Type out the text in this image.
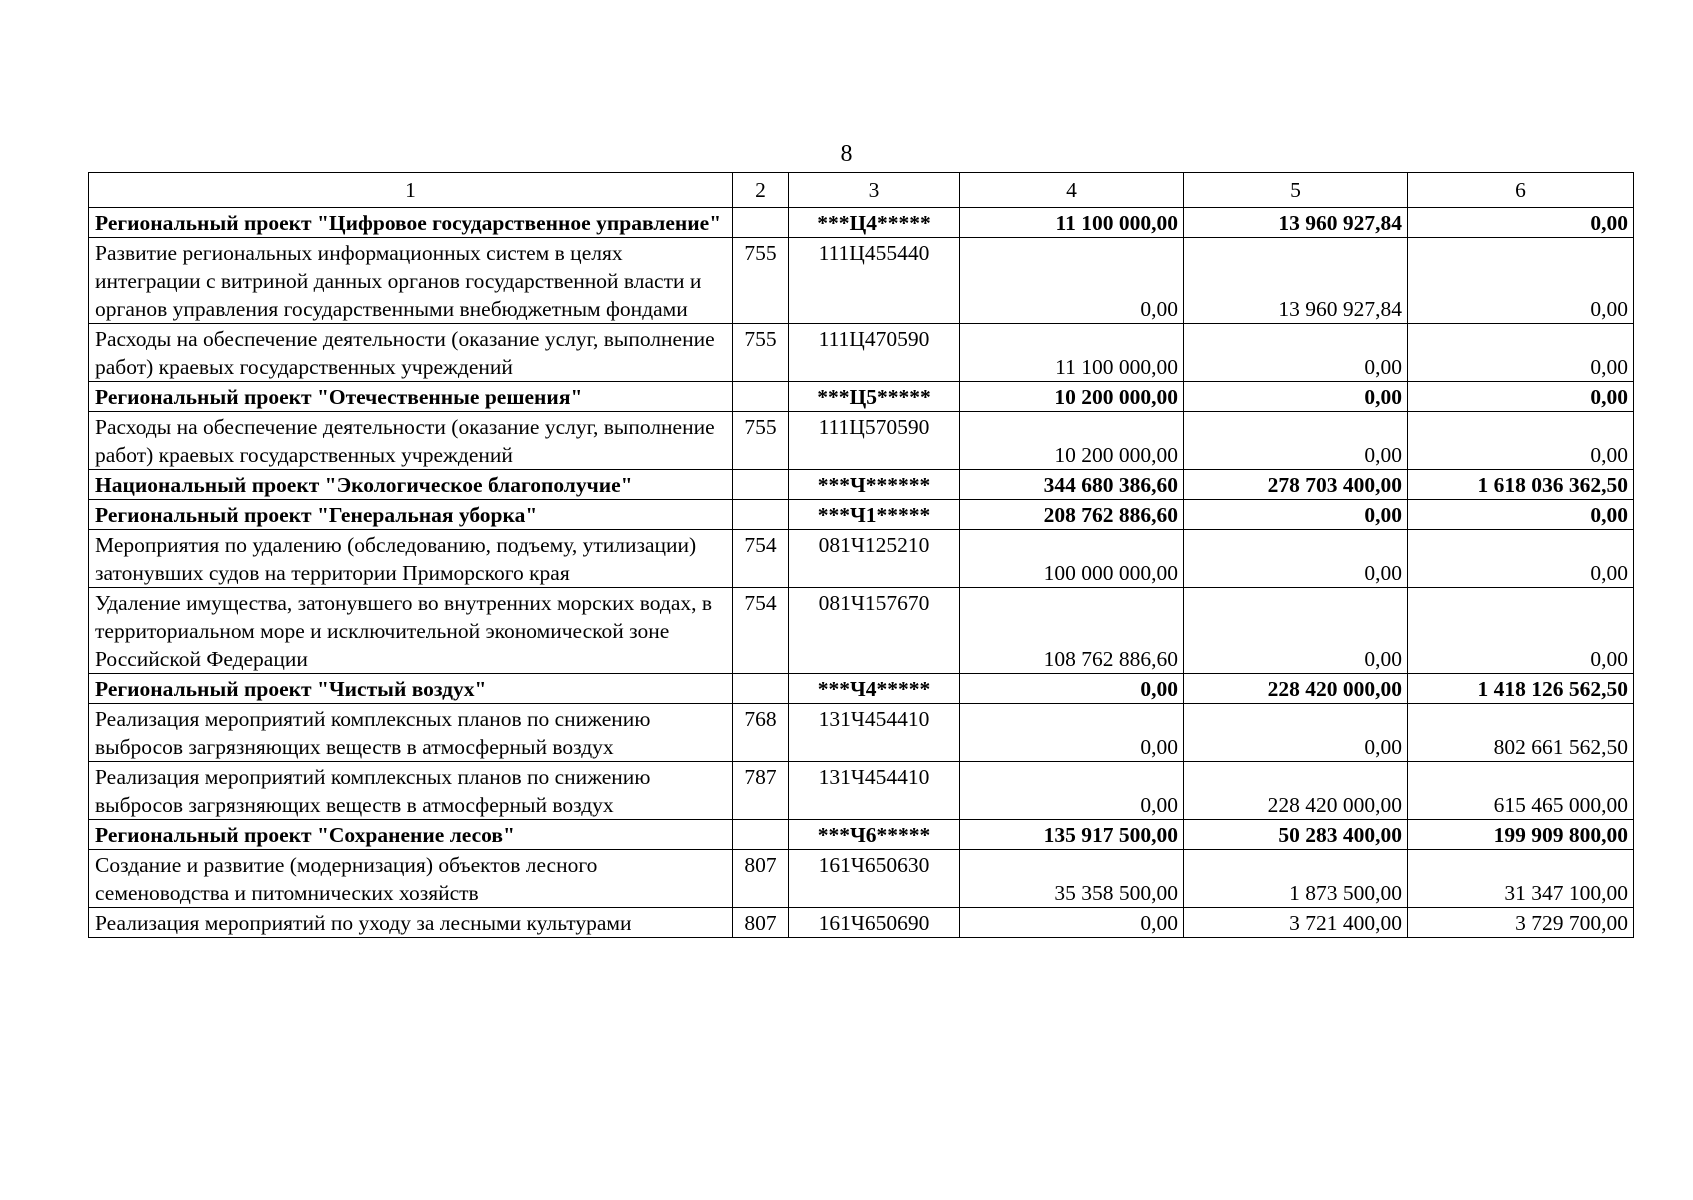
8
1	2	3	4	5	6
Региональный проект "Цифровое государственное управление"		***Ц4*****	11 100 000,00	13 960 927,84	0,00
Развитие региональных информационных систем в целях интеграции с витриной данных органов государственной власти и органов управления государственными внебюджетным фондами	755	111Ц455440	0,00	13 960 927,84	0,00
Расходы на обеспечение деятельности (оказание услуг, выполнение работ) краевых государственных учреждений	755	111Ц470590	11 100 000,00	0,00	0,00
Региональный проект "Отечественные решения"		***Ц5*****	10 200 000,00	0,00	0,00
Расходы на обеспечение деятельности (оказание услуг, выполнение работ) краевых государственных учреждений	755	111Ц570590	10 200 000,00	0,00	0,00
Национальный проект "Экологическое благополучие"		***Ч******	344 680 386,60	278 703 400,00	1 618 036 362,50
Региональный проект "Генеральная уборка"		***Ч1*****	208 762 886,60	0,00	0,00
Мероприятия по удалению (обследованию, подъему, утилизации) затонувших судов на территории Приморского края	754	081Ч125210	100 000 000,00	0,00	0,00
Удаление имущества, затонувшего во внутренних морских водах, в территориальном море и исключительной экономической зоне Российской Федерации	754	081Ч157670	108 762 886,60	0,00	0,00
Региональный проект "Чистый воздух"		***Ч4*****	0,00	228 420 000,00	1 418 126 562,50
Реализация мероприятий комплексных планов по снижению выбросов загрязняющих веществ в атмосферный воздух	768	131Ч454410	0,00	0,00	802 661 562,50
Реализация мероприятий комплексных планов по снижению выбросов загрязняющих веществ в атмосферный воздух	787	131Ч454410	0,00	228 420 000,00	615 465 000,00
Региональный проект "Сохранение лесов"		***Ч6*****	135 917 500,00	50 283 400,00	199 909 800,00
Создание и развитие (модернизация) объектов лесного семеноводства и питомнических хозяйств	807	161Ч650630	35 358 500,00	1 873 500,00	31 347 100,00
Реализация мероприятий по уходу за лесными культурами	807	161Ч650690	0,00	3 721 400,00	3 729 700,00
